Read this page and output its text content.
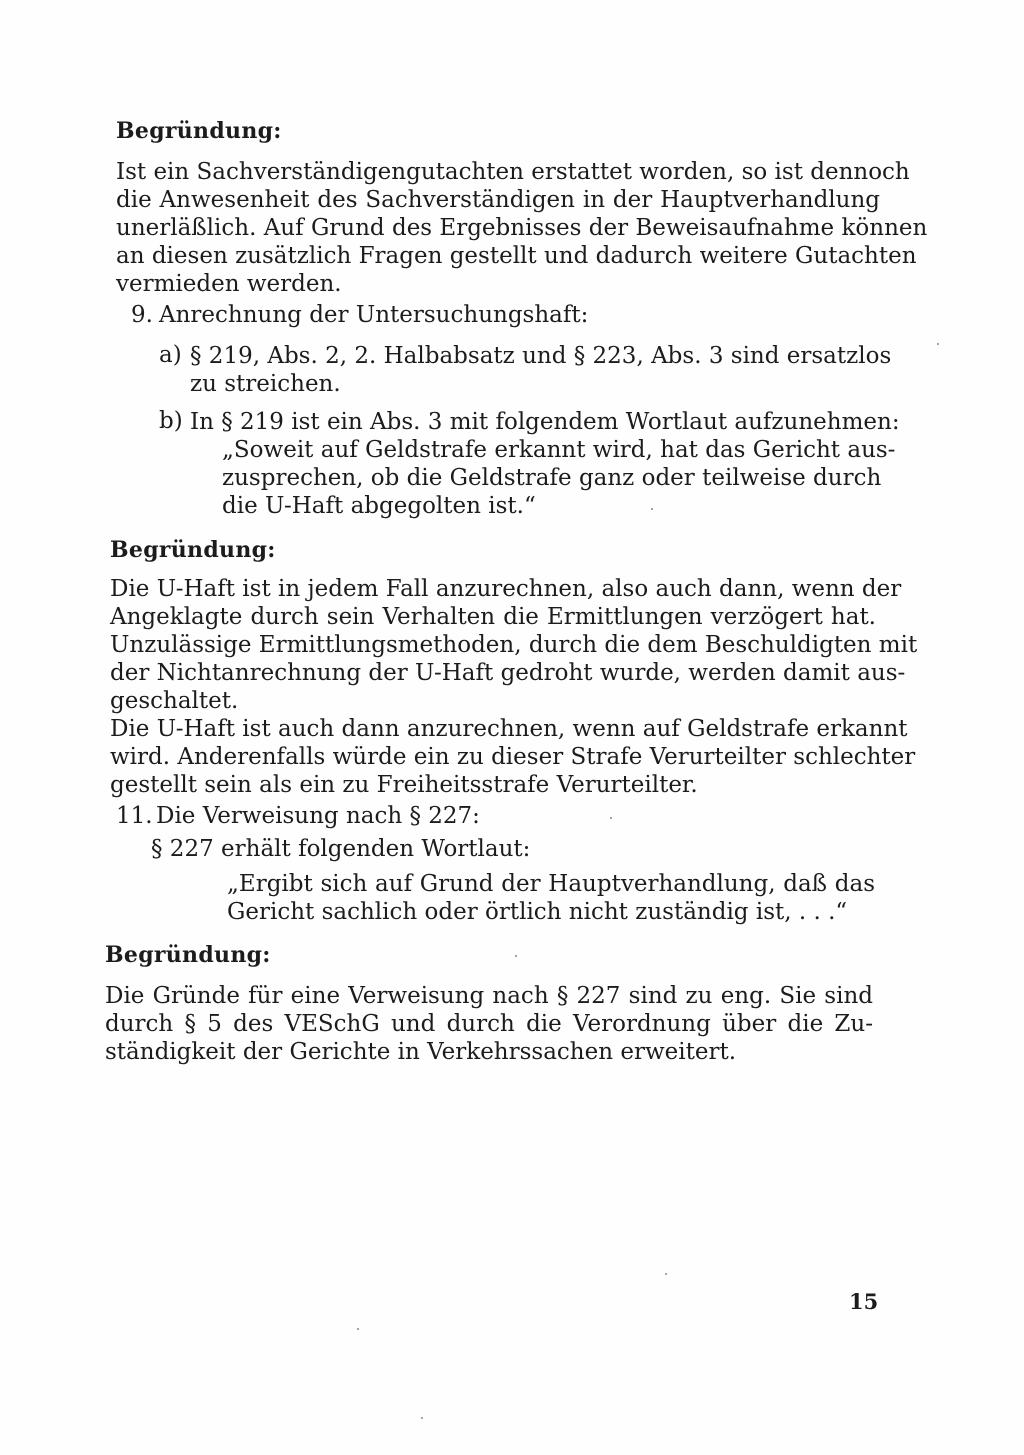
Begründung:
Ist ein Sachverständigengutachten erstattet worden, so ist dennoch
die Anwesenheit des Sachverständigen in der Hauptverhandlung
unerläßlich. Auf Grund des Ergebnisses der Beweisaufnahme können
an diesen zusätzlich Fragen gestellt und dadurch weitere Gutachten
vermieden werden.
9. Anrechnung der Untersuchungshaft:
a) § 219, Abs. 2, 2. Halbabsatz und § 223, Abs. 3 sind ersatzlos
zu streichen.
b) In § 219 ist ein Abs. 3 mit folgendem Wortlaut aufzunehmen:
„Soweit auf Geldstrafe erkannt wird, hat das Gericht aus-
zusprechen, ob die Geldstrafe ganz oder teilweise durch
die U-Haft abgegolten ist.“
Begründung:
Die U-Haft ist in jedem Fall anzurechnen, also auch dann, wenn der
Angeklagte durch sein Verhalten die Ermittlungen verzögert hat.
Unzulässige Ermittlungsmethoden, durch die dem Beschuldigten mit
der Nichtanrechnung der U-Haft gedroht wurde, werden damit aus-
geschaltet.
Die U-Haft ist auch dann anzurechnen, wenn auf Geldstrafe erkannt
wird. Anderenfalls würde ein zu dieser Strafe Verurteilter schlechter
gestellt sein als ein zu Freiheitsstrafe Verurteilter.
11. Die Verweisung nach § 227:
§ 227 erhält folgenden Wortlaut:
„Ergibt sich auf Grund der Hauptverhandlung, daß das
Gericht sachlich oder örtlich nicht zuständig ist, . . .“
Begründung:
Die Gründe für eine Verweisung nach § 227 sind zu eng. Sie sind
durch § 5 des VESchG und durch die Verordnung über die Zu-
ständigkeit der Gerichte in Verkehrssachen erweitert.
15
